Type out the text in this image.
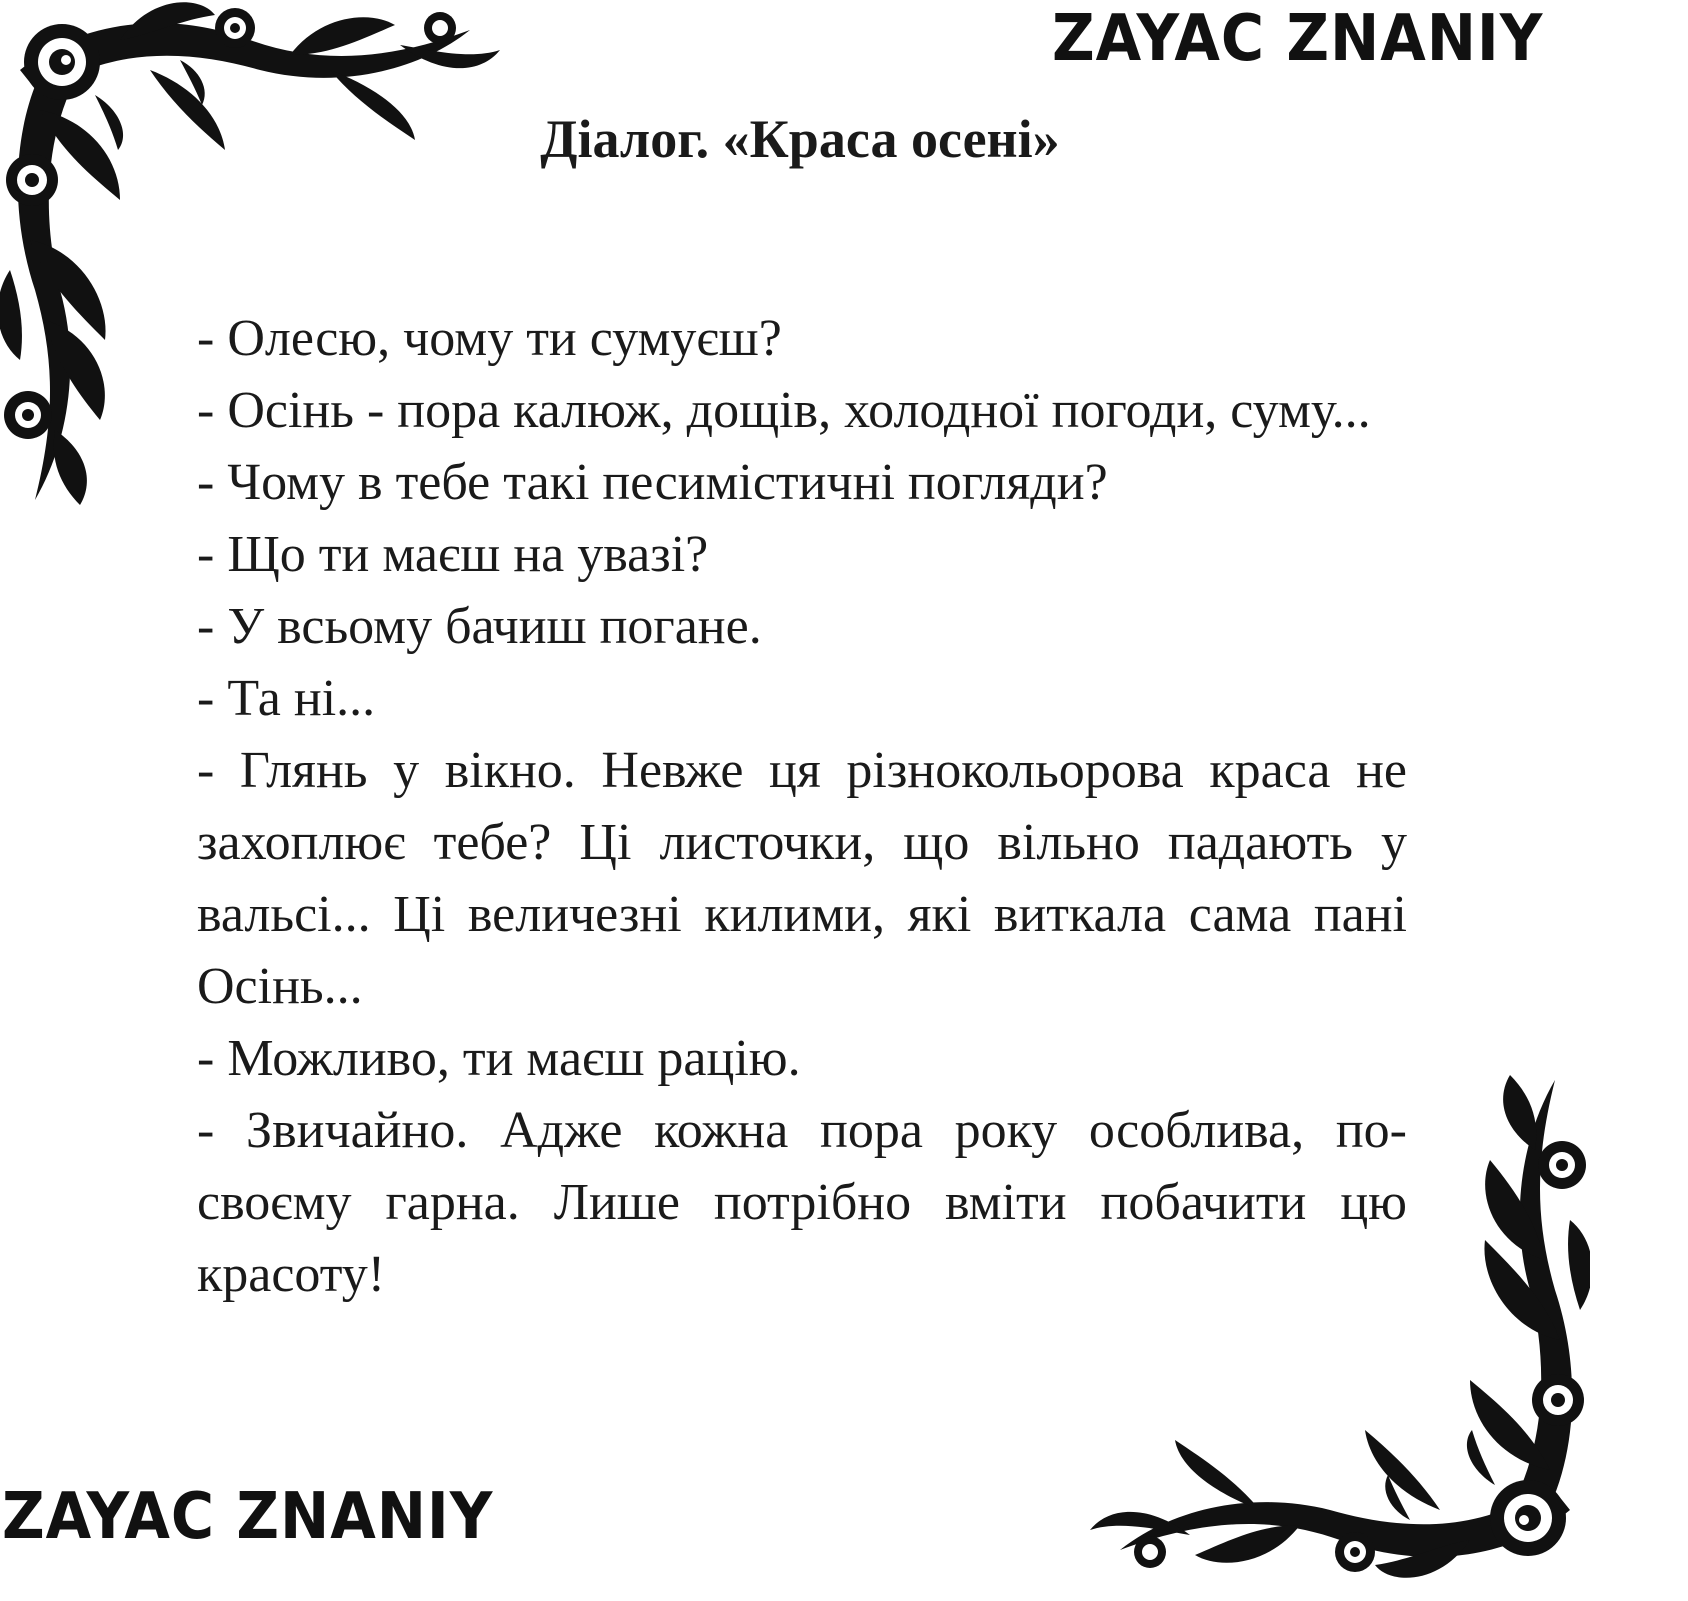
ZAYAC ZNANIY
Діалог. «Краса осені»

- Олесю, чому ти сумуєш?

- Осінь - пора калюж, дощів, холодної погоди, суму...

- Чому в тебе такі песимістичні погляди?

- Що ти маєш на увазі?

- У всьому бачиш погане.

- Та ні...

- Глянь у вікно. Невже ця різнокольорова краса не захоплює тебе? Ці листочки, що вільно падають у вальсі... Ці величезні килими, які виткала сама пані Осінь...

- Можливо, ти маєш рацію.

- Звичайно. Адже кожна пора року особлива, по-своєму гарна. Лише потрібно вміти побачити цю красоту!

ZAYAC ZNANIY
